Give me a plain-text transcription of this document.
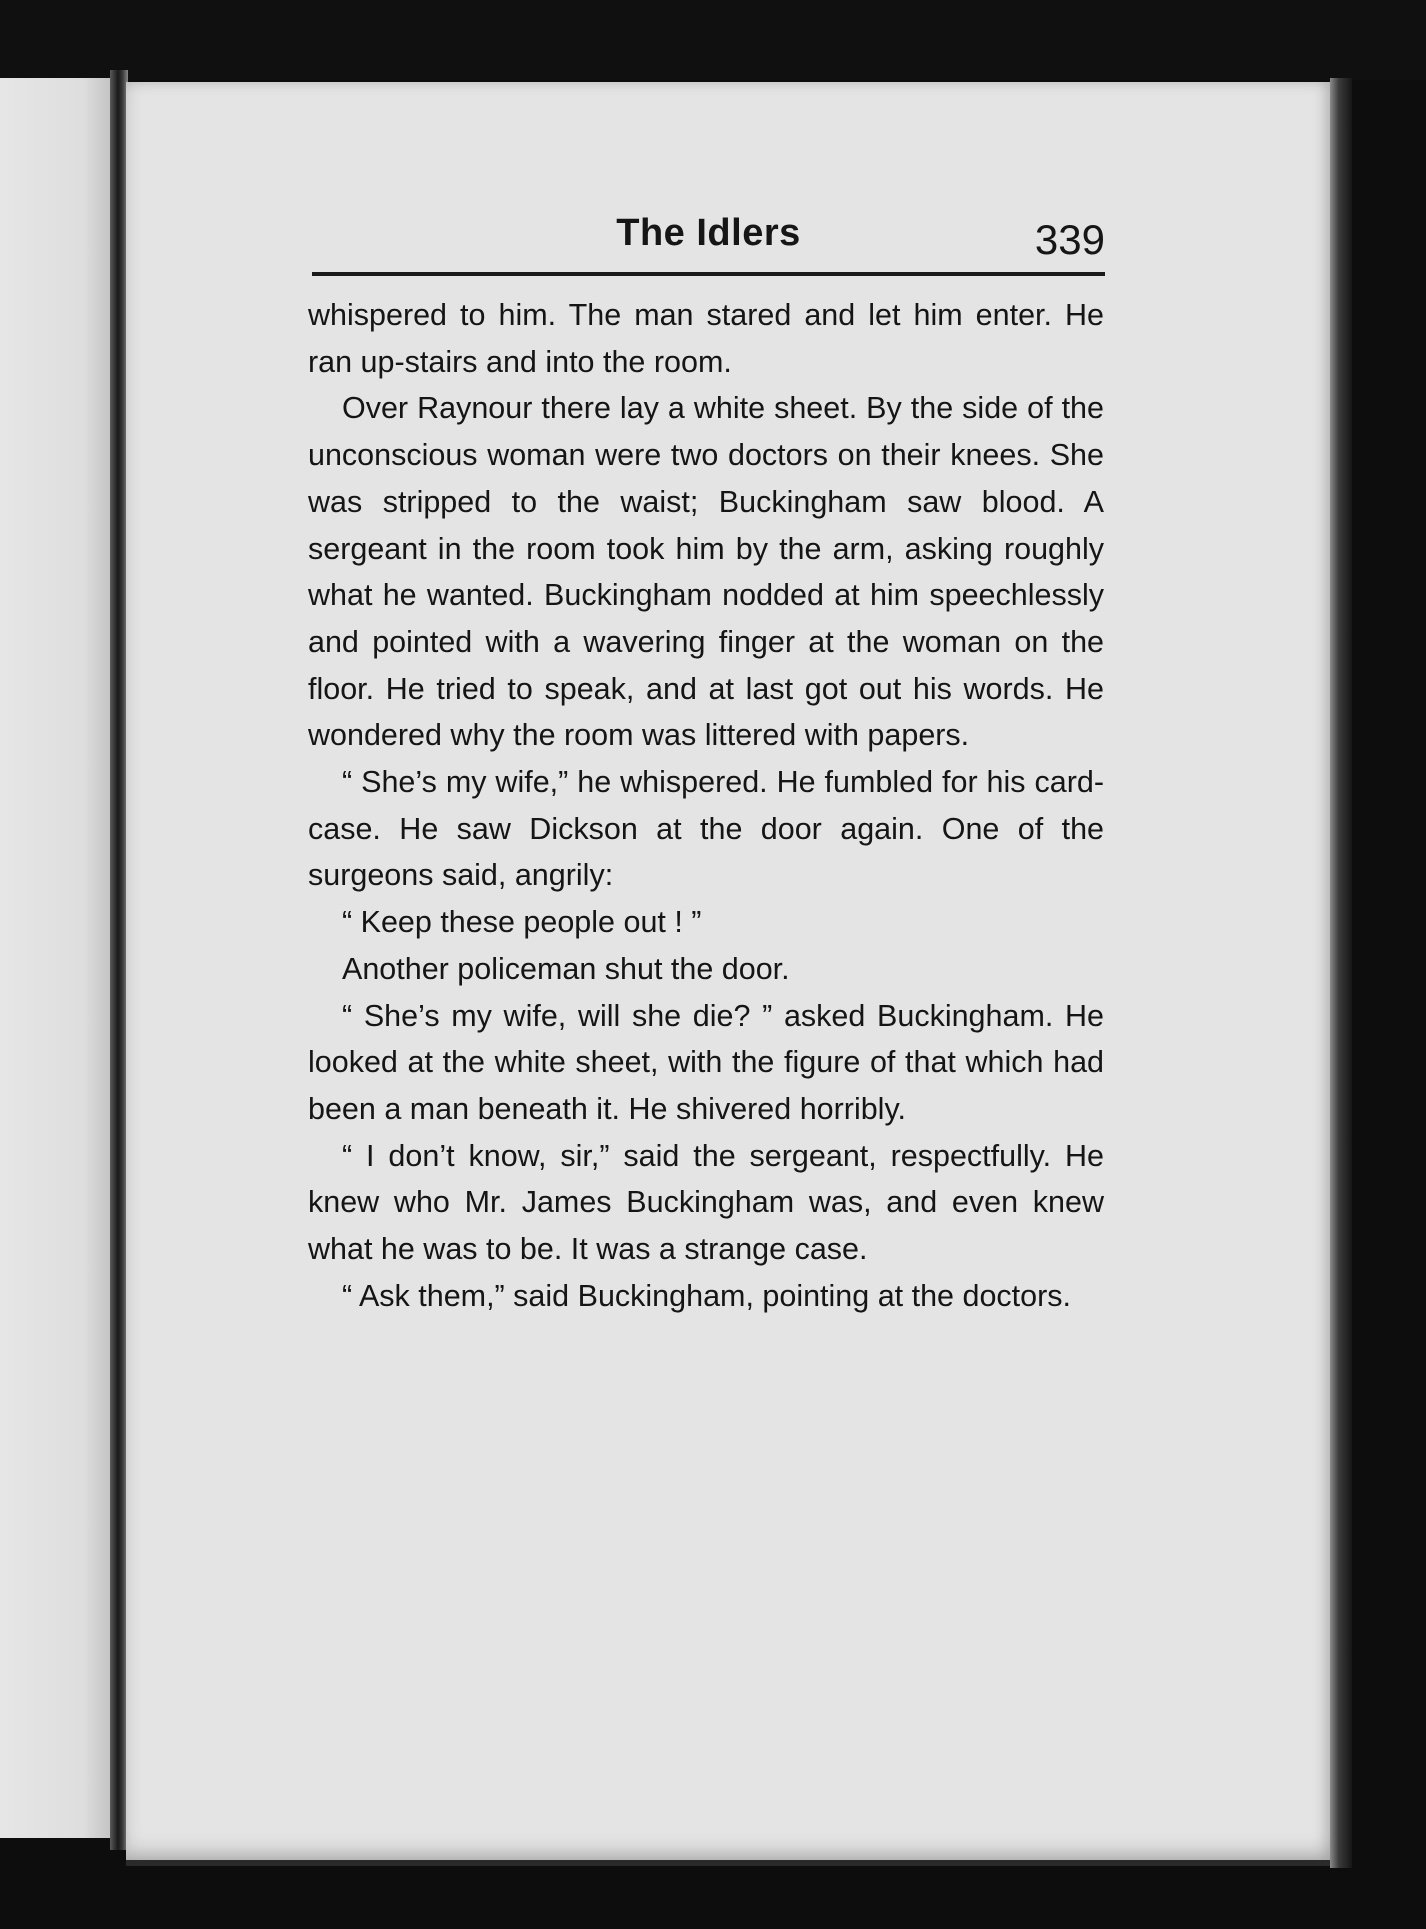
The Idlers	339

whispered to him. The man stared and let him enter. He ran up-stairs and into the room.

Over Raynour there lay a white sheet. By the side of the unconscious woman were two doctors on their knees. She was stripped to the waist; Buckingham saw blood. A sergeant in the room took him by the arm, asking roughly what he wanted. Buckingham nodded at him speechlessly and pointed with a wavering finger at the woman on the floor. He tried to speak, and at last got out his words. He wondered why the room was littered with papers.

“ She’s my wife,” he whispered. He fumbled for his card-case. He saw Dickson at the door again. One of the surgeons said, angrily:

“ Keep these people out ! ”

Another policeman shut the door.

“ She’s my wife, will she die? ” asked Buckingham. He looked at the white sheet, with the figure of that which had been a man beneath it. He shivered horribly.

“ I don’t know, sir,” said the sergeant, respectfully. He knew who Mr. James Buckingham was, and even knew what he was to be. It was a strange case.

“ Ask them,” said Buckingham, pointing at the doctors.
